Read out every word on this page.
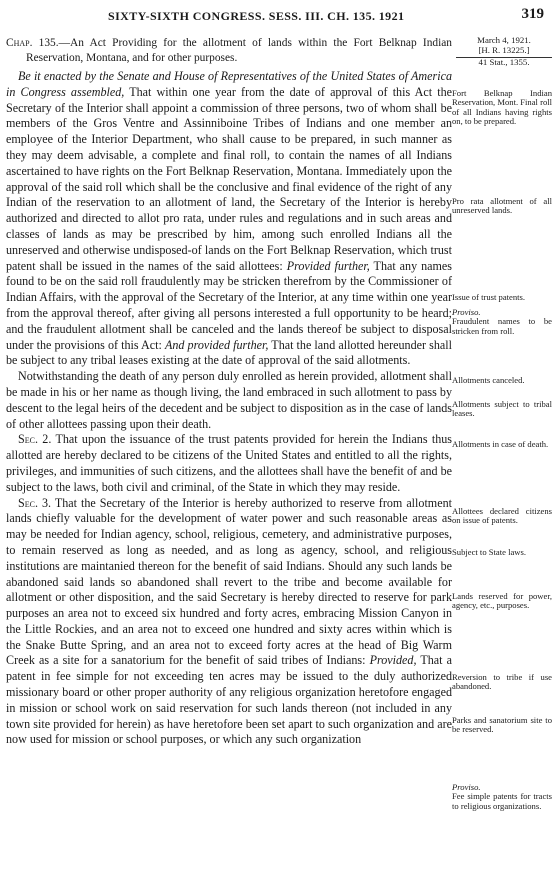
SIXTY-SIXTH CONGRESS. SESS. III. CH. 135. 1921	319
March 4, 1921.
[H. R. 13225.]
41 Stat., 1355.

Chap. 135.—An Act Providing for the allotment of lands within the Fort Belknap Indian Reservation, Montana, and for other purposes.

Be it enacted by the Senate and House of Representatives of the United States of America in Congress assembled, That within one year from the date of approval of this Act the Secretary of the Interior shall appoint a commission of three persons, two of whom shall be members of the Gros Ventre and Assinniboine Tribes of Indians and one member an employee of the Interior Department, who shall cause to be prepared, in such manner as they may deem advisable, a complete and final roll, to contain the names of all Indians ascertained to have rights on the Fort Belknap Reservation, Montana. Immediately upon the approval of the said roll which shall be the conclusive and final evidence of the right of any Indian of the reservation to an allotment of land, the Secretary of the Interior is hereby authorized and directed to allot pro rata, under rules and regulations and in such areas and classes of lands as may be prescribed by him, among such enrolled Indians all the unreserved and otherwise undisposed-of lands on the Fort Belknap Reservation, which trust patent shall be issued in the names of the said allottees: Provided further, That any names found to be on the said roll fraudulently may be stricken therefrom by the Commissioner of Indian Affairs, with the approval of the Secretary of the Interior, at any time within one year from the approval thereof, after giving all persons interested a full opportunity to be heard; and the fraudulent allotment shall be canceled and the lands thereof be subject to disposal under the provisions of this Act: And provided further, That the land allotted hereunder shall be subject to any tribal leases existing at the date of approval of the said allotments.

Notwithstanding the death of any person duly enrolled as herein provided, allotment shall be made in his or her name as though living, the land embraced in such allotment to pass by descent to the legal heirs of the decedent and be subject to disposition as in the case of lands of other allottees passing upon their death.

Sec. 2. That upon the issuance of the trust patents provided for herein the Indians thus allotted are hereby declared to be citizens of the United States and entitled to all the rights, privileges, and immunities of such citizens, and the allottees shall have the benefit of and be subject to the laws, both civil and criminal, of the State in which they may reside.

Sec. 3. That the Secretary of the Interior is hereby authorized to reserve from allotment lands chiefly valuable for the development of water power and such reasonable areas as may be needed for Indian agency, school, religious, cemetery, and administrative purposes, to remain reserved as long as needed, and as long as agency, school, and religious institutions are maintanied thereon for the benefit of said Indians. Should any such lands be abandoned said lands so abandoned shall revert to the tribe and become available for allotment or other disposition, and the said Secretary is hereby directed to reserve for park purposes an area not to exceed six hundred and forty acres, embracing Mission Canyon in the Little Rockies, and an area not to exceed one hundred and sixty acres within which is the Snake Butte Spring, and an area not to exceed forty acres at the head of Big Warm Creek as a site for a sanatorium for the benefit of said tribes of Indians: Provided, That a patent in fee simple for not exceeding ten acres may be issued to the duly authorized missionary board or other proper authority of any religious organization heretofore engaged in mission or school work on said reservation for such lands thereon (not included in any town site provided for herein) as have heretofore been set apart to such organization and are now used for mission or school purposes, or which any such organization

Fort Belknap Indian Reservation, Mont. Final roll of all Indians having rights on, to be prepared.
Pro rata allotment of all unreserved lands.
Issue of trust patents.
Proviso.
Fraudulent names to be stricken from roll.
Allotments canceled.
Allotments subject to tribal leases.
Allotments in case of death.
Allottees declared citizens on issue of patents.
Subject to State laws.
Lands reserved for power, agency, etc., purposes.
Reversion to tribe if use abandoned.
Parks and sanatorium site to be reserved.
Proviso.
Fee simple patents for tracts to religious organizations.
